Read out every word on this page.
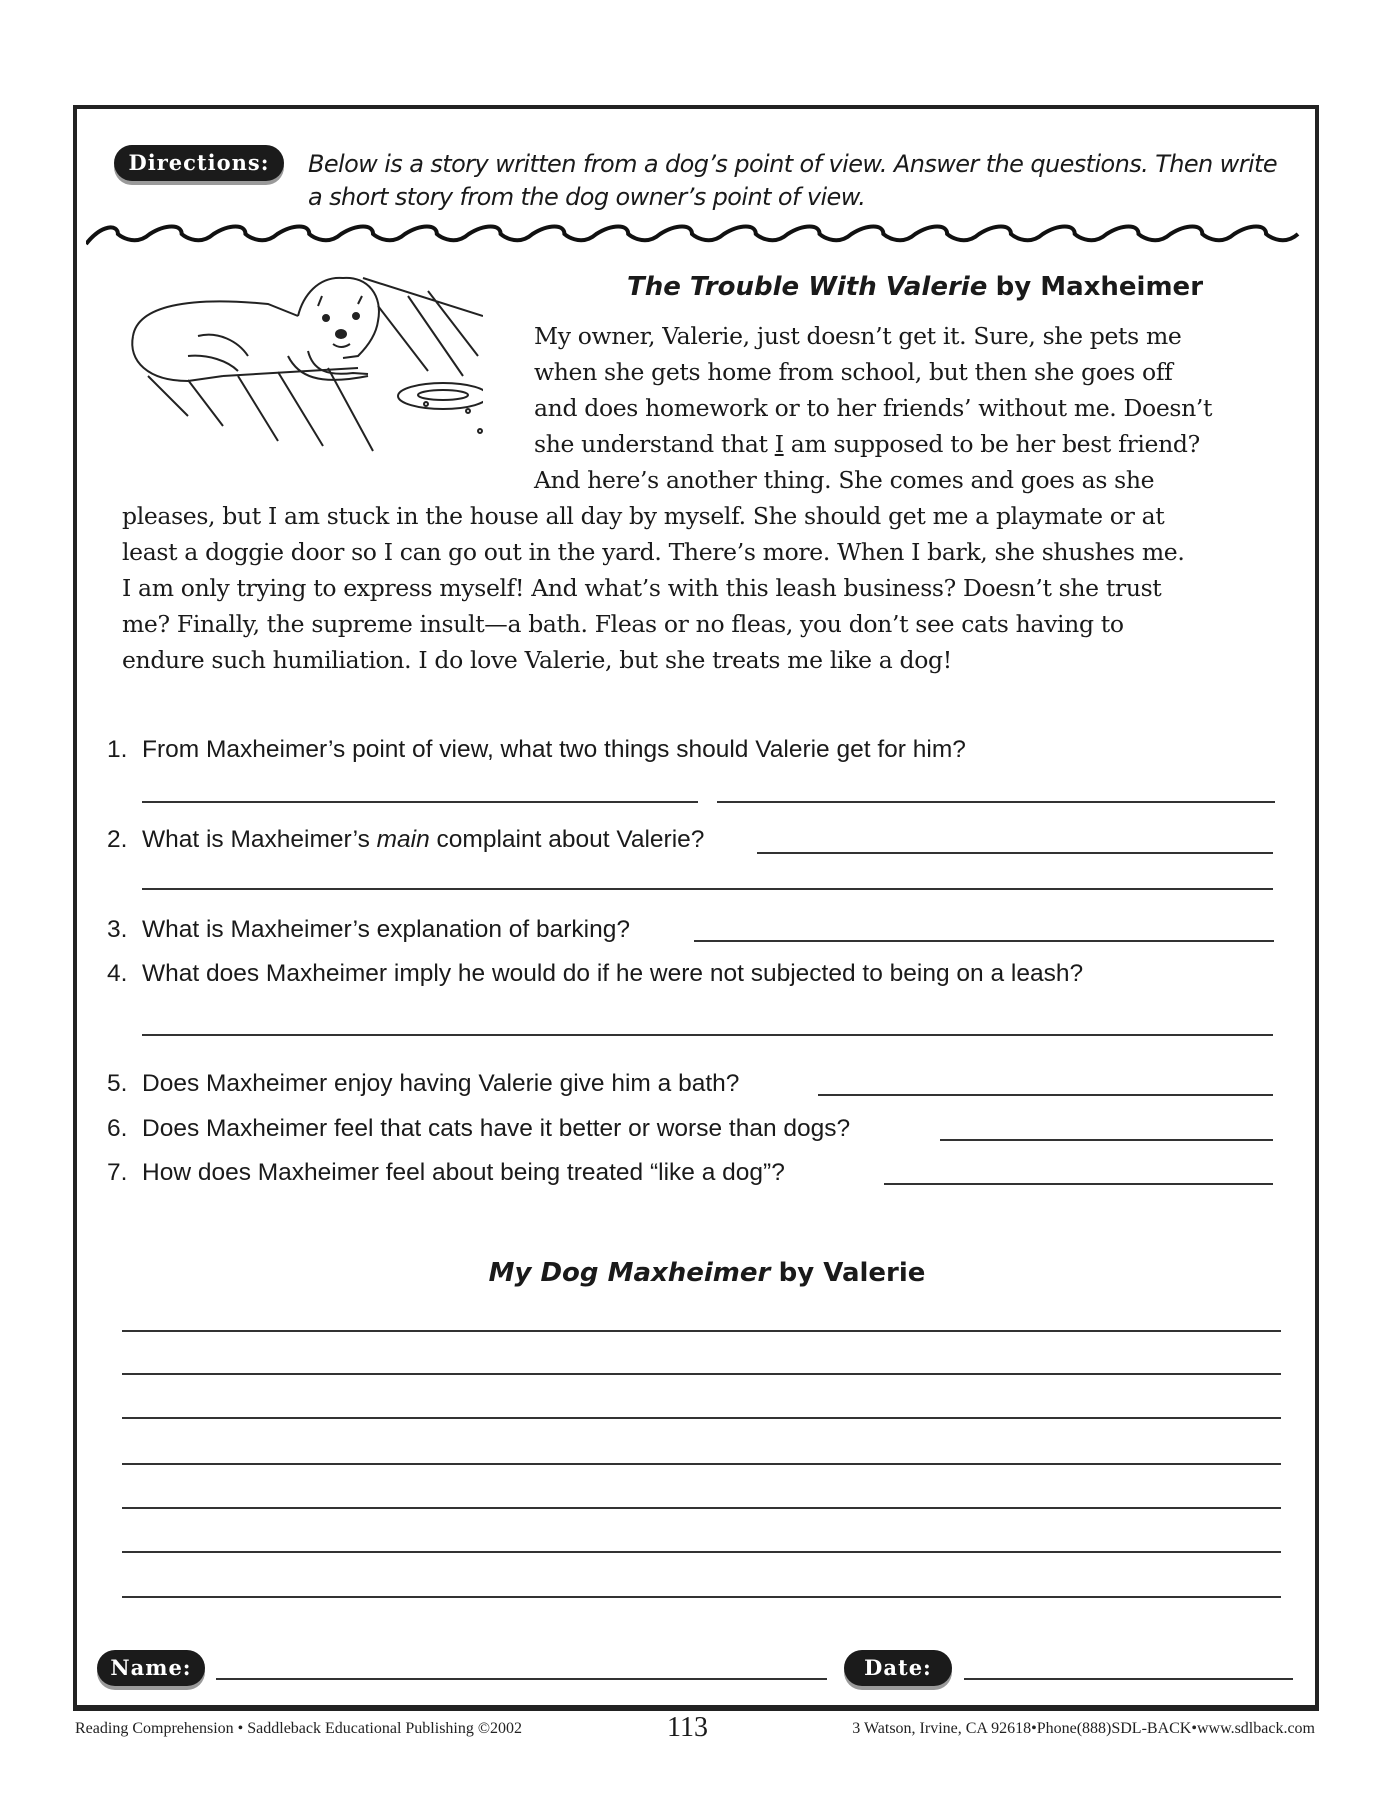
Directions:	Below is a story written from a dog’s point of view. Answer the questions. Then write
a short story from the dog owner’s point of view.
The Trouble With Valerie by Maxheimer
My owner, Valerie, just doesn’t get it. Sure, she pets me
when she gets home from school, but then she goes off
and does homework or to her friends’ without me. Doesn’t
she understand that I am supposed to be her best friend?
And here’s another thing. She comes and goes as she
pleases, but I am stuck in the house all day by myself. She should get me a playmate or at
least a doggie door so I can go out in the yard. There’s more. When I bark, she shushes me.
I am only trying to express myself! And what’s with this leash business? Doesn’t she trust
me? Finally, the supreme insult—a bath. Fleas or no fleas, you don’t see cats having to
endure such humiliation. I do love Valerie, but she treats me like a dog!
1. From Maxheimer’s point of view, what two things should Valerie get for him?
2. What is Maxheimer’s main complaint about Valerie?
3. What is Maxheimer’s explanation of barking?
4. What does Maxheimer imply he would do if he were not subjected to being on a leash?
5. Does Maxheimer enjoy having Valerie give him a bath?
6. Does Maxheimer feel that cats have it better or worse than dogs?
7. How does Maxheimer feel about being treated “like a dog”?
My Dog Maxheimer by Valerie
Name:	Date:
Reading Comprehension • Saddleback Educational Publishing ©2002	113	3 Watson, Irvine, CA 92618•Phone(888)SDL-BACK•www.sdlback.com
